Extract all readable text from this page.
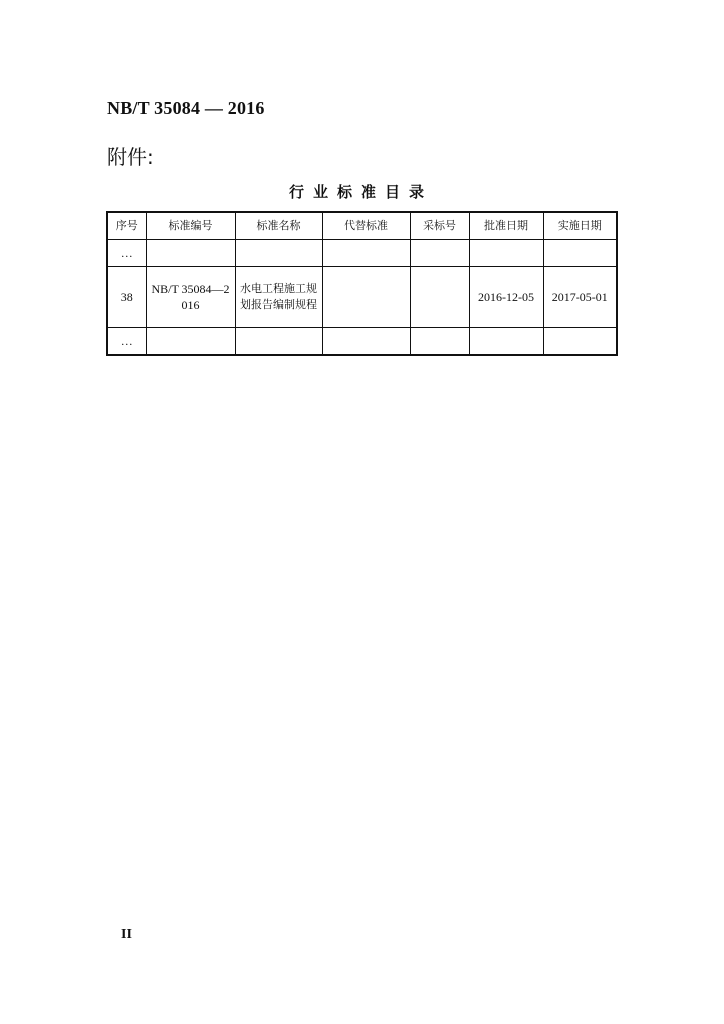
NB/T 35084 — 2016
附件:
行业标准目录
序号	标准编号	标准名称	代替标准	采标号	批准日期	实施日期
…						
38	NB/T 35084—2016	水电工程施工规划报告编制规程			2016-12-05	2017-05-01
…						
II
